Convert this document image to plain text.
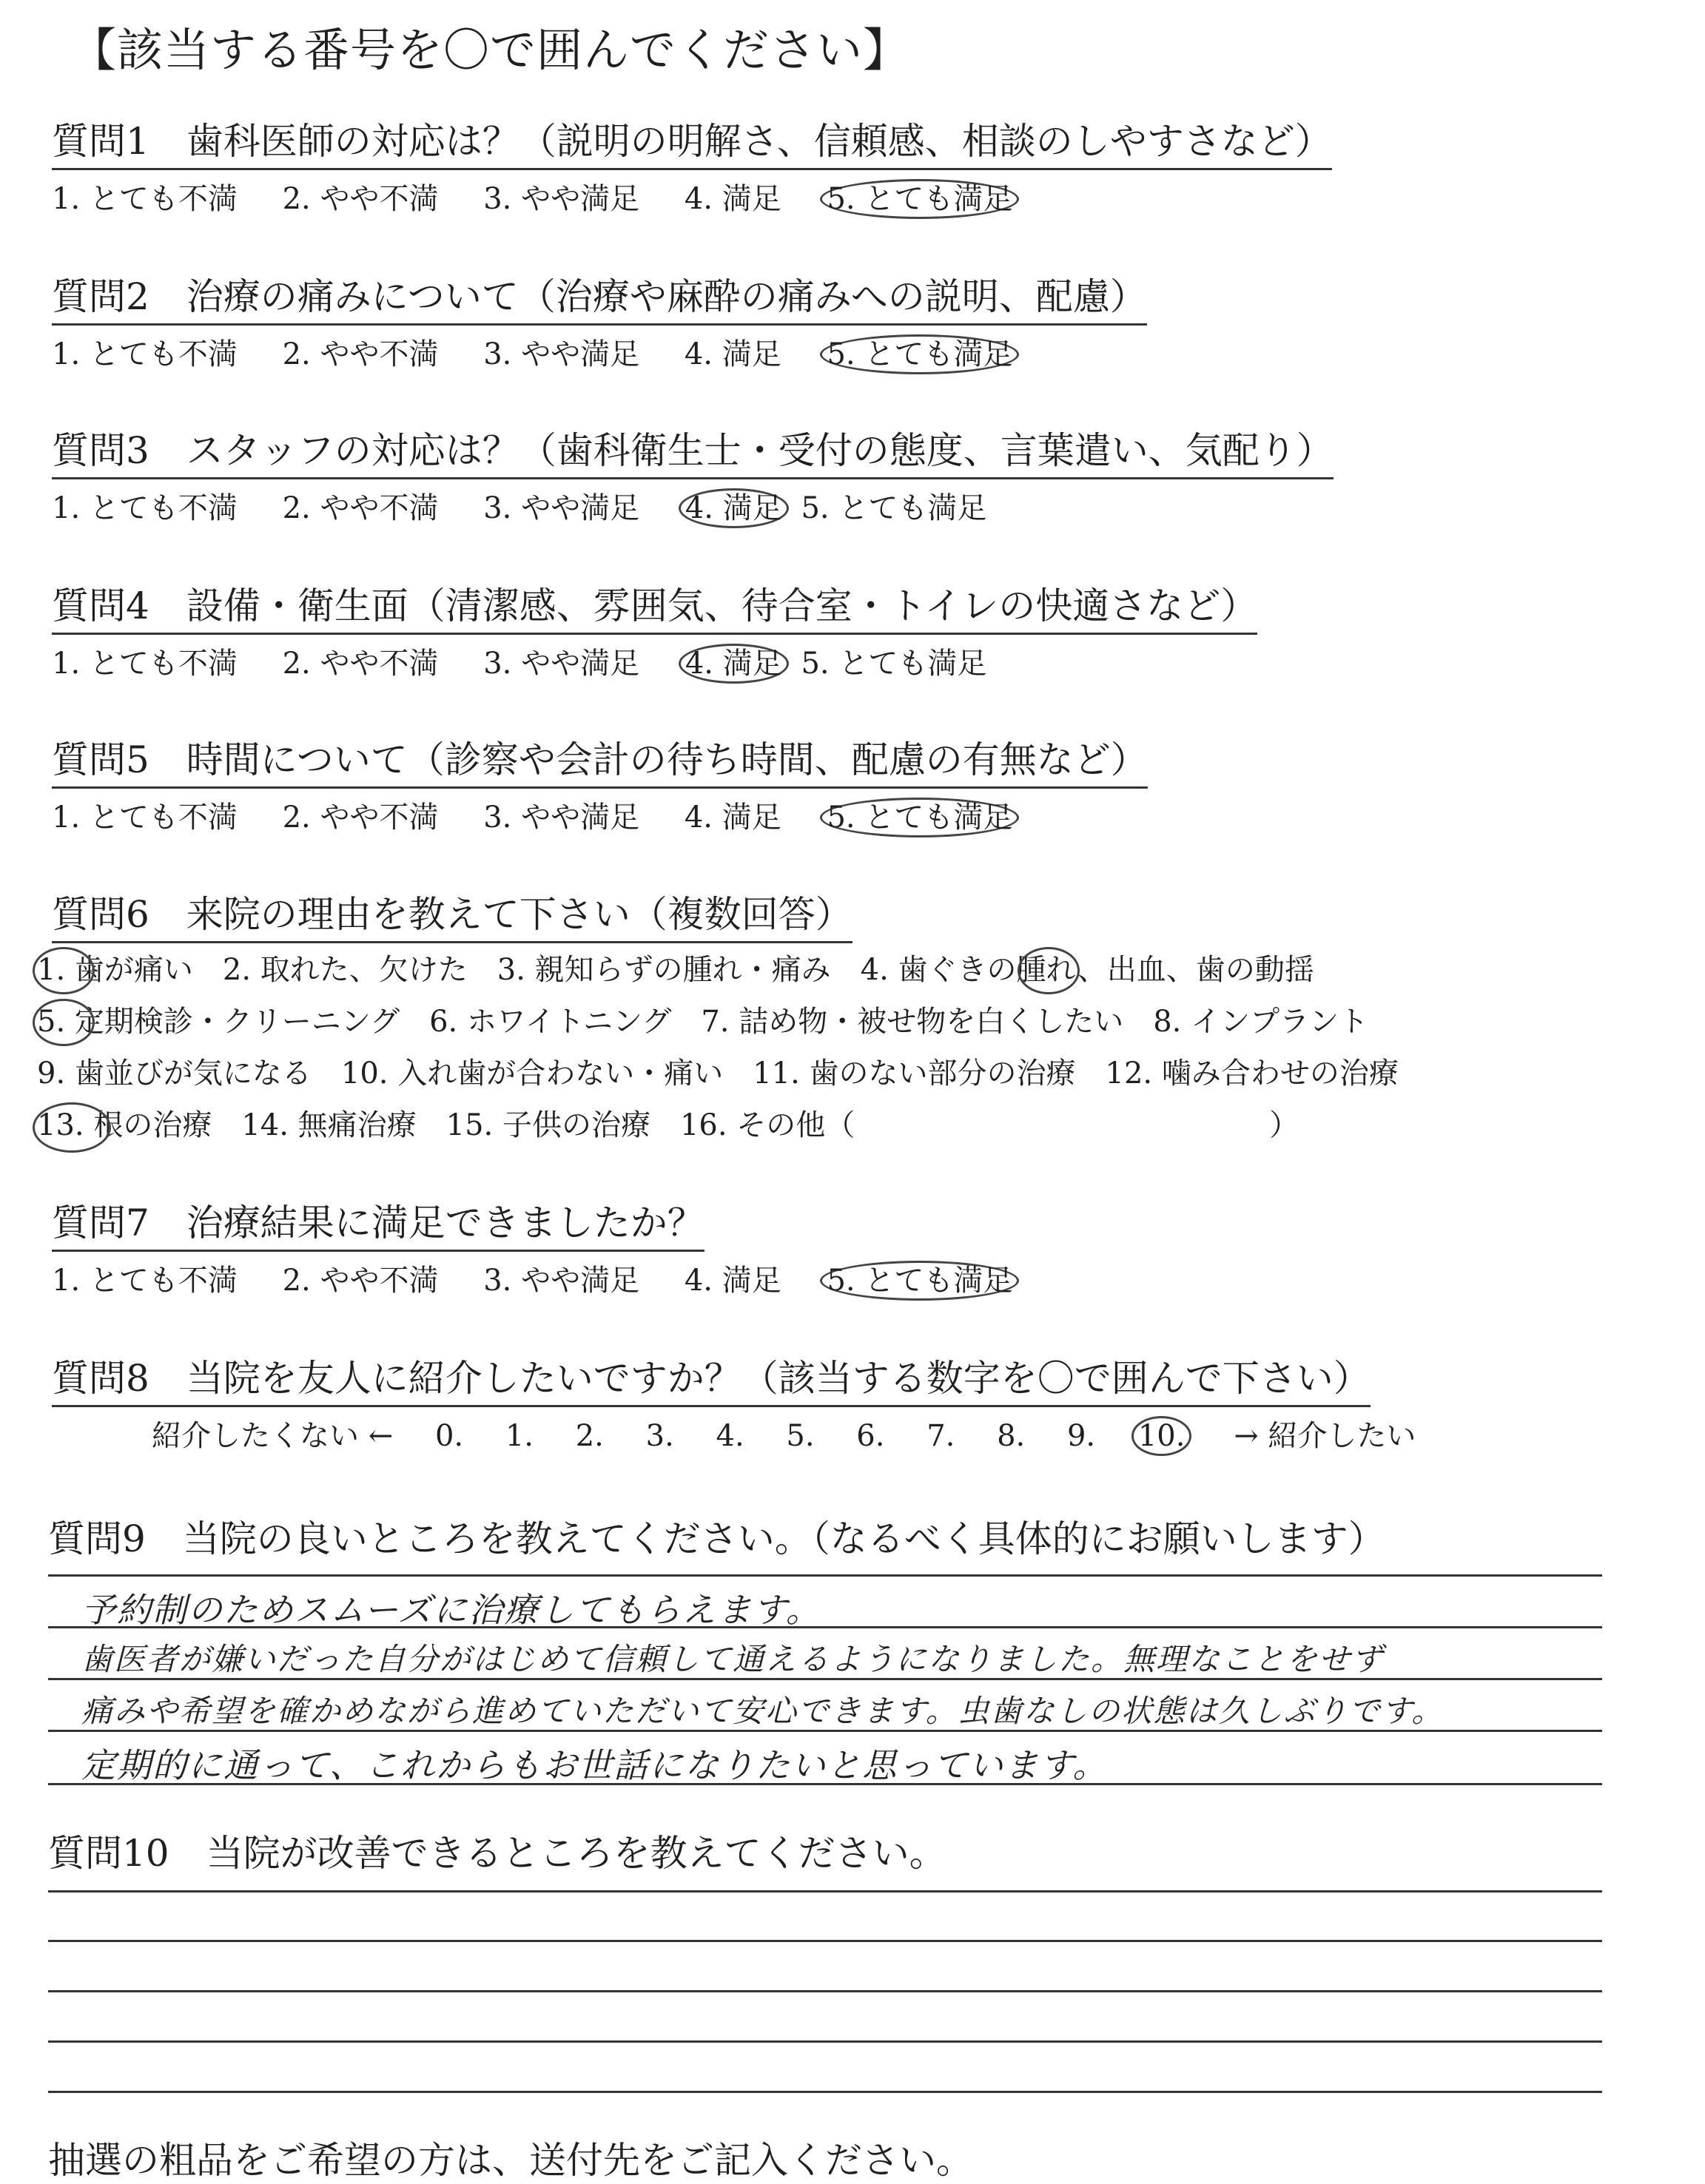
【該当する番号を〇で囲んでください】
質問1　歯科医師の対応は？（説明の明解さ、信頼感、相談のしやすさなど）
1. とても不満 2. やや不満 3. やや満足 4. 満足 5. とても満足
質問2　治療の痛みについて（治療や麻酔の痛みへの説明、配慮）
1. とても不満 2. やや不満 3. やや満足 4. 満足 5. とても満足
質問3　スタッフの対応は？（歯科衛生士・受付の態度、言葉遣い、気配り）
1. とても不満 2. やや不満 3. やや満足 4. 満足 5. とても満足
質問4　設備・衛生面（清潔感、雰囲気、待合室・トイレの快適さなど）
1. とても不満 2. やや不満 3. やや満足 4. 満足 5. とても満足
質問5　時間について（診察や会計の待ち時間、配慮の有無など）
1. とても不満 2. やや不満 3. やや満足 4. 満足 5. とても満足
質問6　来院の理由を教えて下さい（複数回答）
1. 歯が痛い　2. 取れた、欠けた　3. 親知らずの腫れ・痛み　4. 歯ぐきの腫れ、出血、歯の動揺
5. 定期検診・クリーニング　6. ホワイトニング　7. 詰め物・被せ物を白くしたい　8. インプラント
9. 歯並びが気になる　10. 入れ歯が合わない・痛い　11. 歯のない部分の治療　12. 噛み合わせの治療
13. 根の治療　14. 無痛治療　15. 子供の治療　16. その他（　　　　　　　　　　　　　　）
質問7　治療結果に満足できましたか？
1. とても不満 2. やや不満 3. やや満足 4. 満足 5. とても満足
質問8　当院を友人に紹介したいですか？（該当する数字を〇で囲んで下さい）
紹介したくない ← 0. 1. 2. 3. 4. 5. 6. 7. 8. 9. 10. → 紹介したい
質問9　当院の良いところを教えてください。（なるべく具体的にお願いします）
予約制のためスムーズに治療してもらえます。
歯医者が嫌いだった自分がはじめて信頼して通えるようになりました。無理なことをせず
痛みや希望を確かめながら進めていただいて安心できます。虫歯なしの状態は久しぶりです。
定期的に通って、これからもお世話になりたいと思っています。
質問10　当院が改善できるところを教えてください。
抽選の粗品をご希望の方は、送付先をご記入ください。
